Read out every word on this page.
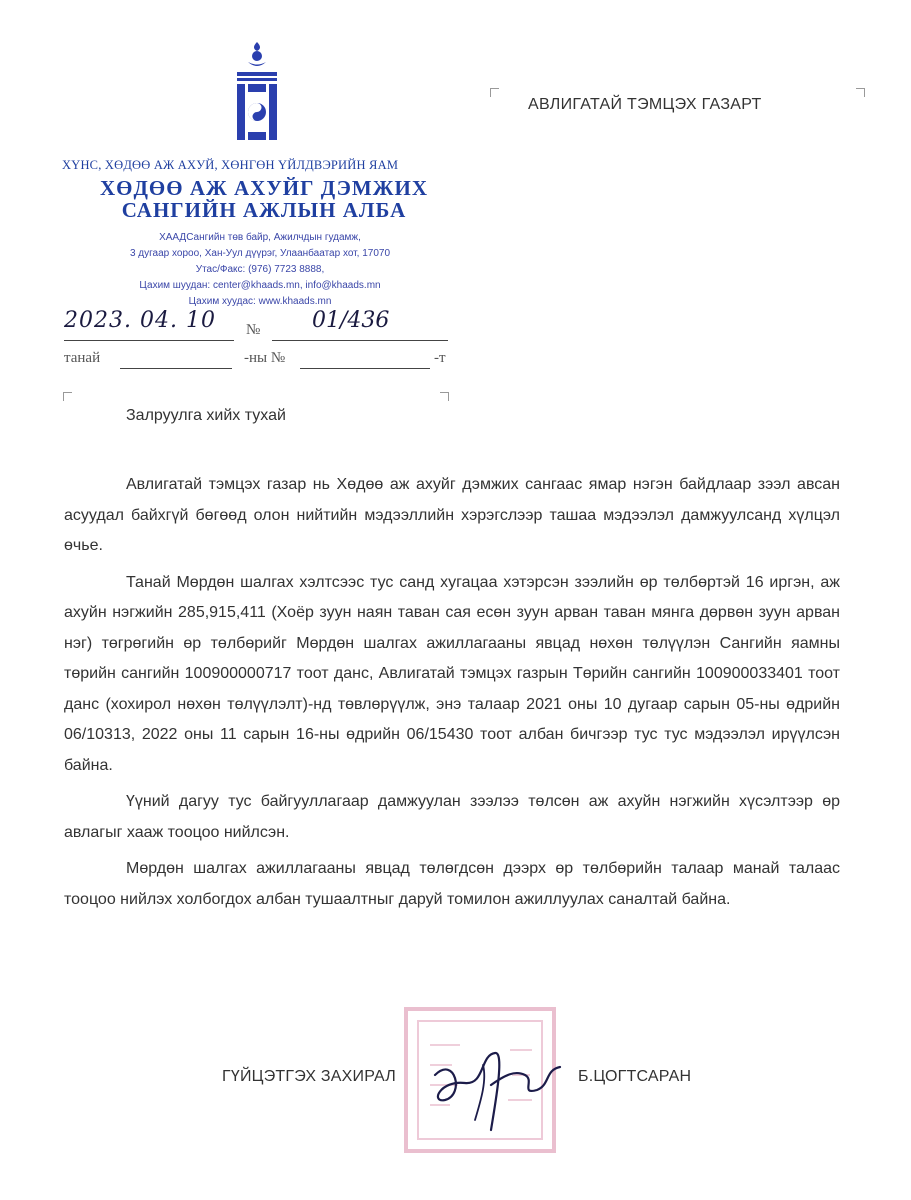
ХҮНС, ХӨДӨӨ АЖ АХУЙ, ХӨНГӨН ҮЙЛДВЭРИЙН ЯАМ
ХӨДӨӨ АЖ АХУЙГ ДЭМЖИХ
САНГИЙН АЖЛЫН АЛБА
ХААДСангийн төв байр, Ажилчдын гудамж,
3 дугаар хороо, Хан-Уул дүүрэг, Улаанбаатар хот, 17070
Утас/Факс: (976) 7723 8888,
Цахим шуудан: center@khaads.mn, info@khaads.mn
Цахим хуудас: www.khaads.mn
2023. 04. 10 № 01/436
танай	-ны №	-т
АВЛИГАТАЙ ТЭМЦЭХ ГАЗАРТ
Залруулга хийх тухай

Авлигатай тэмцэх газар нь Хөдөө аж ахуйг дэмжих сангаас ямар нэгэн байдлаар зээл авсан асуудал байхгүй бөгөөд олон нийтийн мэдээллийн хэрэгслээр ташаа мэдээлэл дамжуулсанд хүлцэл өчье.

Танай Мөрдөн шалгах хэлтсээс тус санд хугацаа хэтэрсэн зээлийн өр төлбөртэй 16 иргэн, аж ахуйн нэгжийн 285,915,411 (Хоёр зуун наян таван сая есөн зуун арван таван мянга дөрвөн зуун арван нэг) төгрөгийн өр төлбөрийг Мөрдөн шалгах ажиллагааны явцад нөхөн төлүүлэн Сангийн яамны төрийн сангийн 100900000717 тоот данс, Авлигатай тэмцэх газрын Төрийн сангийн 100900033401 тоот данс (хохирол нөхөн төлүүлэлт)-нд төвлөрүүлж, энэ талаар 2021 оны 10 дугаар сарын 05-ны өдрийн 06/10313, 2022 оны 11 сарын 16-ны өдрийн 06/15430 тоот албан бичгээр тус тус мэдээлэл ирүүлсэн байна.

Үүний дагуу тус байгууллагаар дамжуулан зээлээ төлсөн аж ахуйн нэгжийн хүсэлтээр өр авлагыг хааж тооцоо нийлсэн.

Мөрдөн шалгах ажиллагааны явцад төлөгдсөн дээрх өр төлбөрийн талаар манай талаас тооцоо нийлэх холбогдох албан тушаалтныг даруй томилон ажиллуулах саналтай байна.

ГҮЙЦЭТГЭХ ЗАХИРАЛ	Б.ЦОГТСАРАН
